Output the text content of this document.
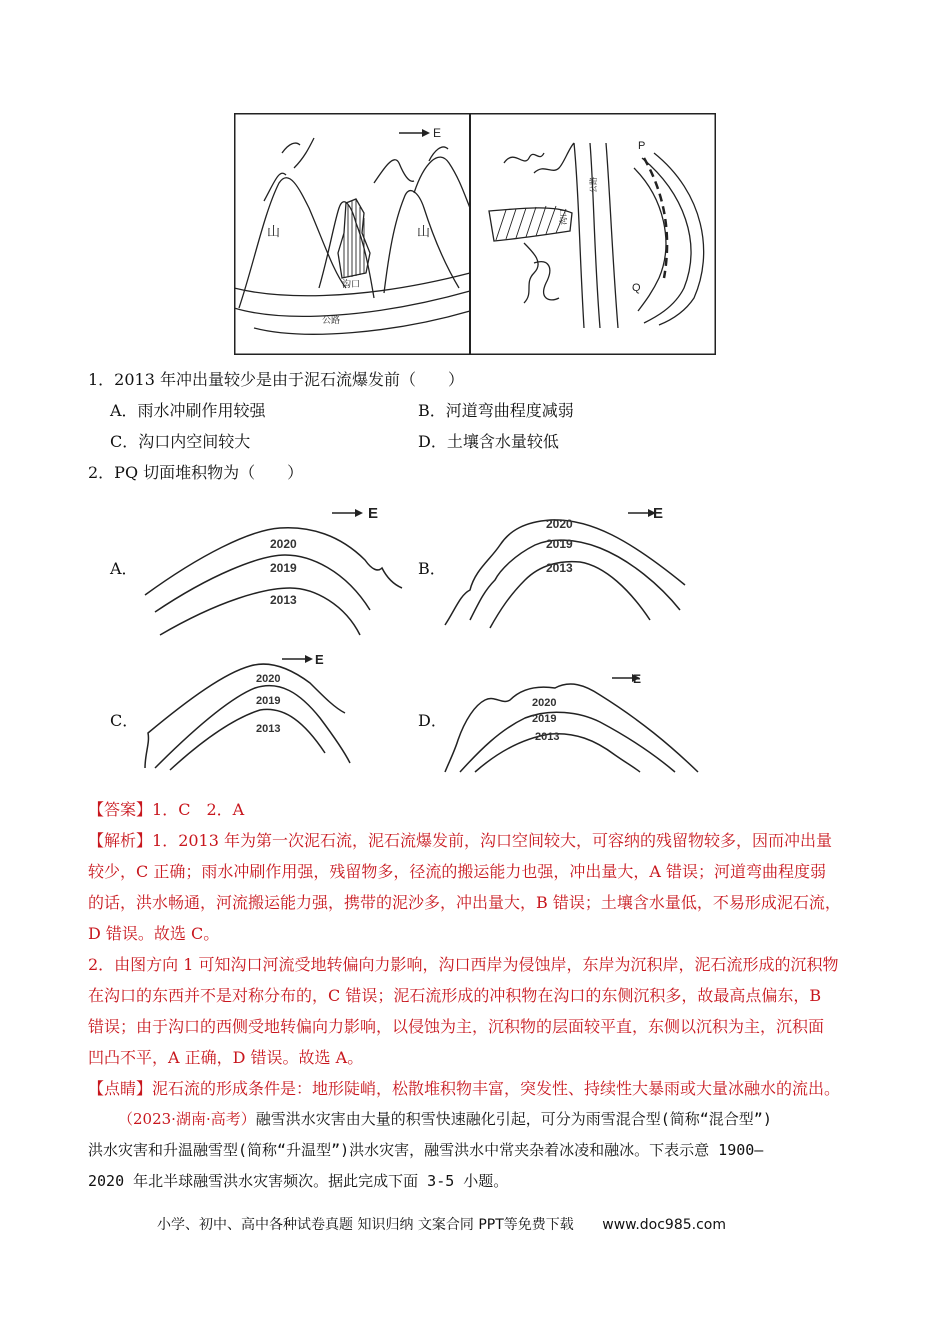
E
山	山
沟口
公路
P
Q
沟口
公路
1．2013 年冲出量较少是由于泥石流爆发前（　　）
A．雨水冲刷作用较强	B．河道弯曲程度减弱
C．沟口内空间较大	D．土壤含水量较低
2．PQ 切面堆积物为（　　）
A．	B．
C．	D．
E
2020
2019
2013
E
2020
2019
2013
E
2020
2019
2013
E
2020
2019
2013
【答案】1．C　2．A
【解析】1．2013 年为第一次泥石流，泥石流爆发前，沟口空间较大，可容纳的残留物较多，因而冲出量
较少，C 正确；雨水冲刷作用强，残留物多，径流的搬运能力也强，冲出量大，A 错误；河道弯曲程度弱
的话，洪水畅通，河流搬运能力强，携带的泥沙多，冲出量大，B 错误；土壤含水量低，不易形成泥石流，
D 错误。故选 C。
2．由图方向 1 可知沟口河流受地转偏向力影响，沟口西岸为侵蚀岸，东岸为沉积岸，泥石流形成的沉积物
在沟口的东西并不是对称分布的，C 错误；泥石流形成的冲积物在沟口的东侧沉积多，故最高点偏东，B
错误；由于沟口的西侧受地转偏向力影响，以侵蚀为主，沉积物的层面较平直，东侧以沉积为主，沉积面
凹凸不平，A 正确，D 错误。故选 A。
【点睛】泥石流的形成条件是：地形陡峭，松散堆积物丰富，突发性、持续性大暴雨或大量冰融水的流出。
（2023·湖南·高考）融雪洪水灾害由大量的积雪快速融化引起，可分为雨雪混合型(简称“混合型”)
洪水灾害和升温融雪型(简称“升温型”)洪水灾害，融雪洪水中常夹杂着冰凌和融冰。下表示意 1900—
2020 年北半球融雪洪水灾害频次。据此完成下面 3-5 小题。
小学、初中、高中各种试卷真题 知识归纳 文案合同 PPT等免费下载 www.doc985.com
